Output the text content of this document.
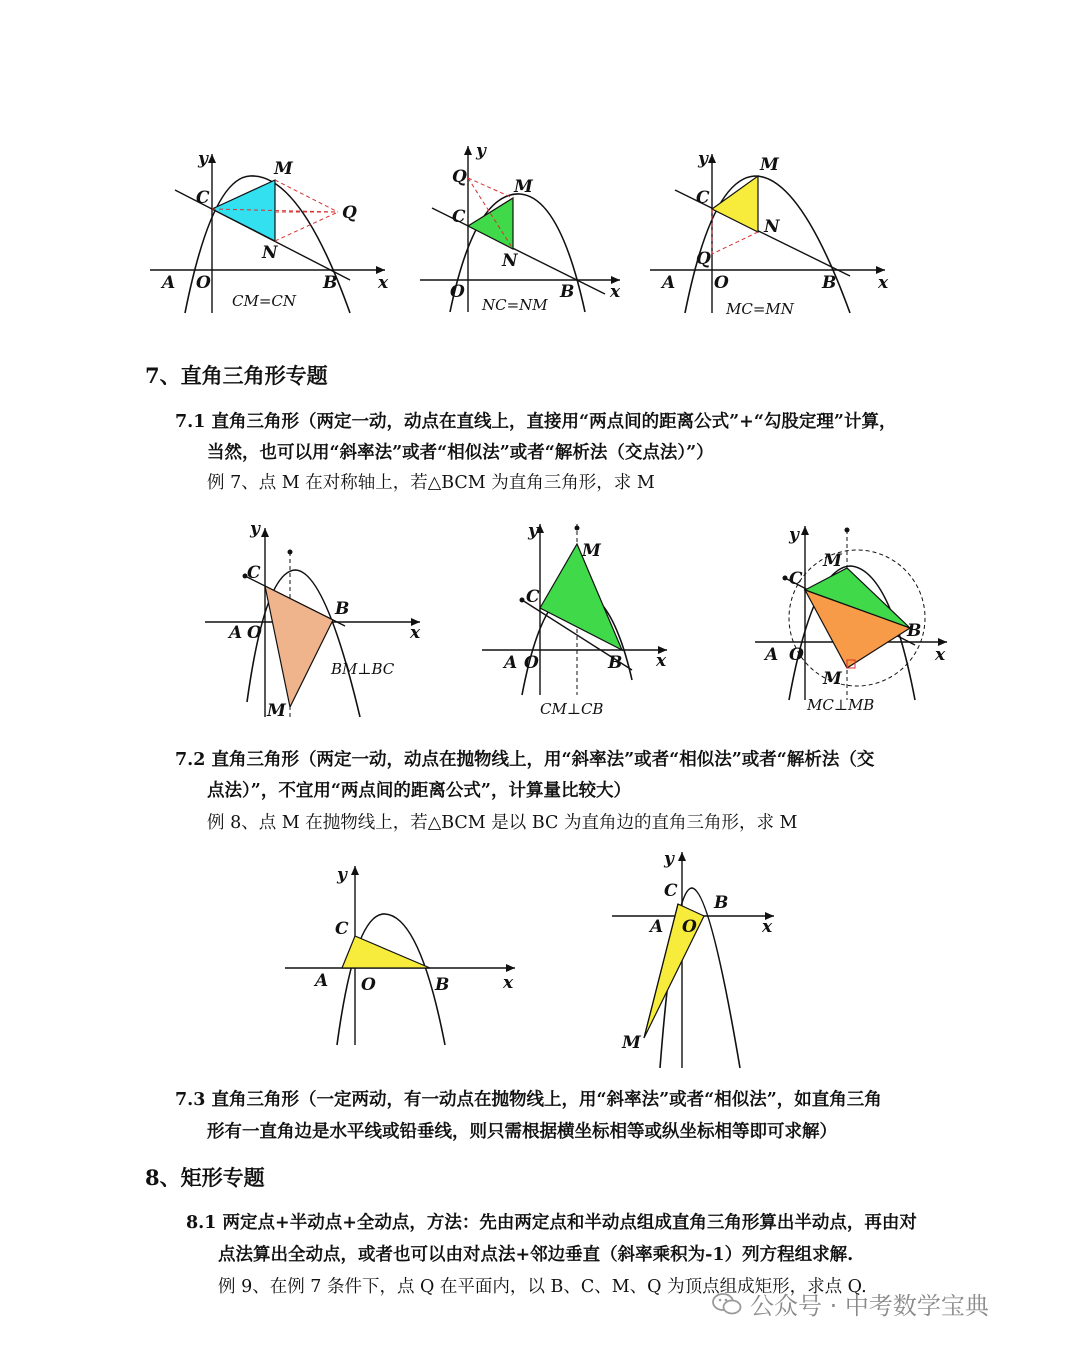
C
M
Q
N
A O	B x
y
CM=CN
Q
C
M
N
O	B x
y
NC=NM
C
M
N
Q
A O	B x
y
MC=MN
7、直角三角形专题
7.1 直角三角形（两定一动，动点在直线上，直接用“两点间的距离公式”+“勾股定理”计算，
当然，也可以用“斜率法”或者“相似法”或者“解析法（交点法）”）
例 7、点 M 在对称轴上，若△BCM 为直角三角形，求 M
C
B
A O
M
x
y
BM⊥BC
M
C
A O	B x
y
CM⊥CB
y
M
C
B
A O
M
x
MC⊥MB
7.2 直角三角形（两定一动，动点在抛物线上，用“斜率法”或者“相似法”或者“解析法（交
点法）”，不宜用“两点间的距离公式”，计算量比较大）
例 8、点 M 在抛物线上，若△BCM 是以 BC 为直角边的直角三角形，求 M
y
C
A O	B	x
y
C
B
A O	x
M
7.3 直角三角形（一定两动，有一动点在抛物线上，用“斜率法”或者“相似法”，如直角三角
形有一直角边是水平线或铅垂线，则只需根据横坐标相等或纵坐标相等即可求解）
8、矩形专题
8.1 两定点+半动点+全动点，方法：先由两定点和半动点组成直角三角形算出半动点，再由对
点法算出全动点，或者也可以由对点法+邻边垂直（斜率乘积为-1）列方程组求解.
例 9、在例 7 条件下，点 Q 在平面内，以 B、C、M、Q 为顶点组成矩形，求点 Q.
公众号 · 中考数学宝典
